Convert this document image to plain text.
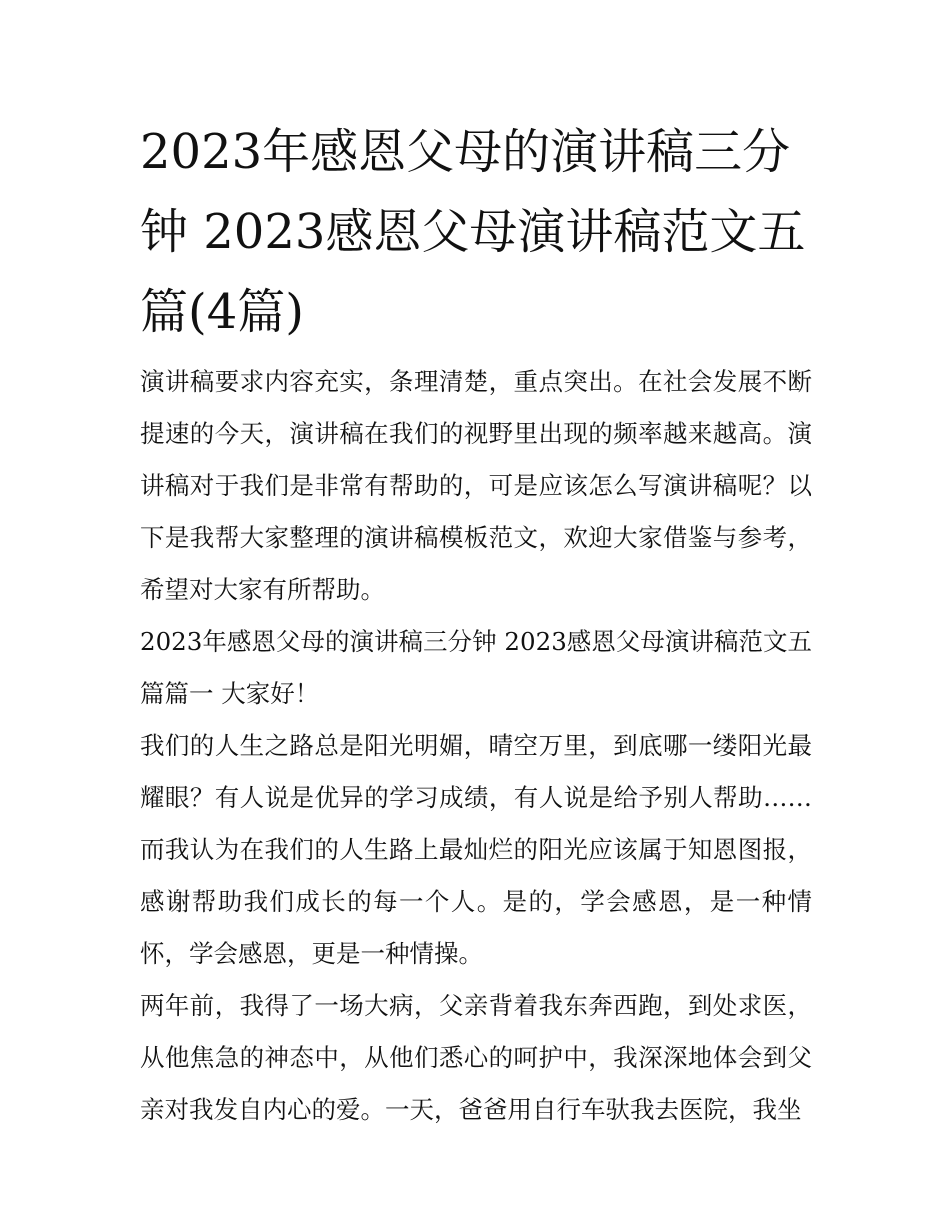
2023年感恩父母的演讲稿三分钟 2023感恩父母演讲稿范文五篇(4篇)

演讲稿要求内容充实，条理清楚，重点突出。在社会发展不断提速的今天，演讲稿在我们的视野里出现的频率越来越高。演讲稿对于我们是非常有帮助的，可是应该怎么写演讲稿呢？以下是我帮大家整理的演讲稿模板范文，欢迎大家借鉴与参考，希望对大家有所帮助。

2023年感恩父母的演讲稿三分钟 2023感恩父母演讲稿范文五篇篇一 大家好！

我们的人生之路总是阳光明媚，晴空万里，到底哪一缕阳光最耀眼？有人说是优异的学习成绩，有人说是给予别人帮助……而我认为在我们的人生路上最灿烂的阳光应该属于知恩图报，感谢帮助我们成长的每一个人。是的，学会感恩，是一种情怀，学会感恩，更是一种情操。

两年前，我得了一场大病，父亲背着我东奔西跑，到处求医，从他焦急的神态中，从他们悉心的呵护中，我深深地体会到父亲对我发自内心的爱。一天，爸爸用自行车驮我去医院，我坐
